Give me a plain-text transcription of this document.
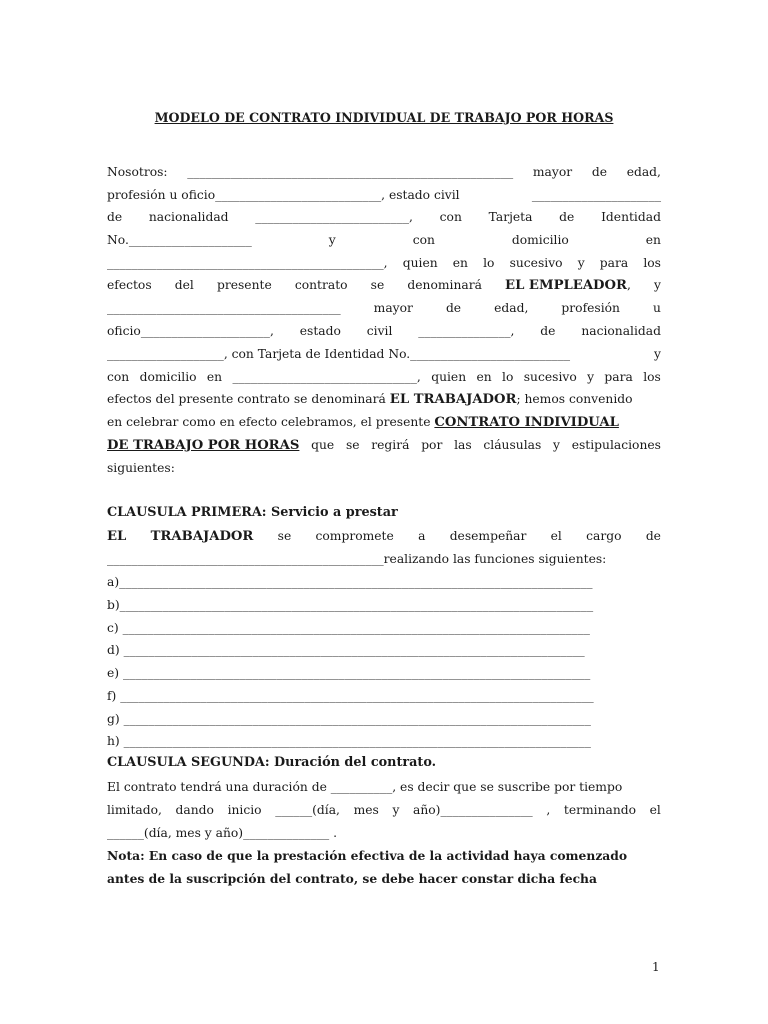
MODELO DE CONTRATO INDIVIDUAL DE TRABAJO POR HORAS
Nosotros: _____________________________________________________ mayor de edad,
profesión u oficio___________________________, estado civil	_____________________
de nacionalidad _________________________, con Tarjeta de Identidad
No.____________________	y	con	domicilio	en
_____________________________________________, quien en lo sucesivo y para los
efectos del presente contrato se denominará EL EMPLEADOR, y
______________________________________	mayor	de	edad,	profesión	u
oficio_____________________, estado civil _______________, de nacionalidad
___________________, con Tarjeta de Identidad No.__________________________	y
con domicilio en ______________________________, quien en lo sucesivo y para los
efectos del presente contrato se denominará EL TRABAJADOR; hemos convenido
en celebrar como en efecto celebramos, el presente CONTRATO INDIVIDUAL
DE TRABAJO POR HORAS que se regirá por las cláusulas y estipulaciones
siguientes:
CLAUSULA PRIMERA: Servicio a prestar
EL TRABAJADOR se compromete a desempeñar el cargo de
_____________________________________________realizando las funciones siguientes:
a)_____________________________________________________________________________
b)_____________________________________________________________________________
c) ____________________________________________________________________________
d) ___________________________________________________________________________
e) ____________________________________________________________________________
f) _____________________________________________________________________________
g) ____________________________________________________________________________
h) ____________________________________________________________________________
CLAUSULA SEGUNDA: Duración del contrato.
El contrato tendrá una duración de __________, es decir que se suscribe por tiempo
limitado, dando inicio ______(día, mes y año)_______________ , terminando el
______(día, mes y año)______________ .
Nota: En caso de que la prestación efectiva de la actividad haya comenzado
antes de la suscripción del contrato, se debe hacer constar dicha fecha
1
